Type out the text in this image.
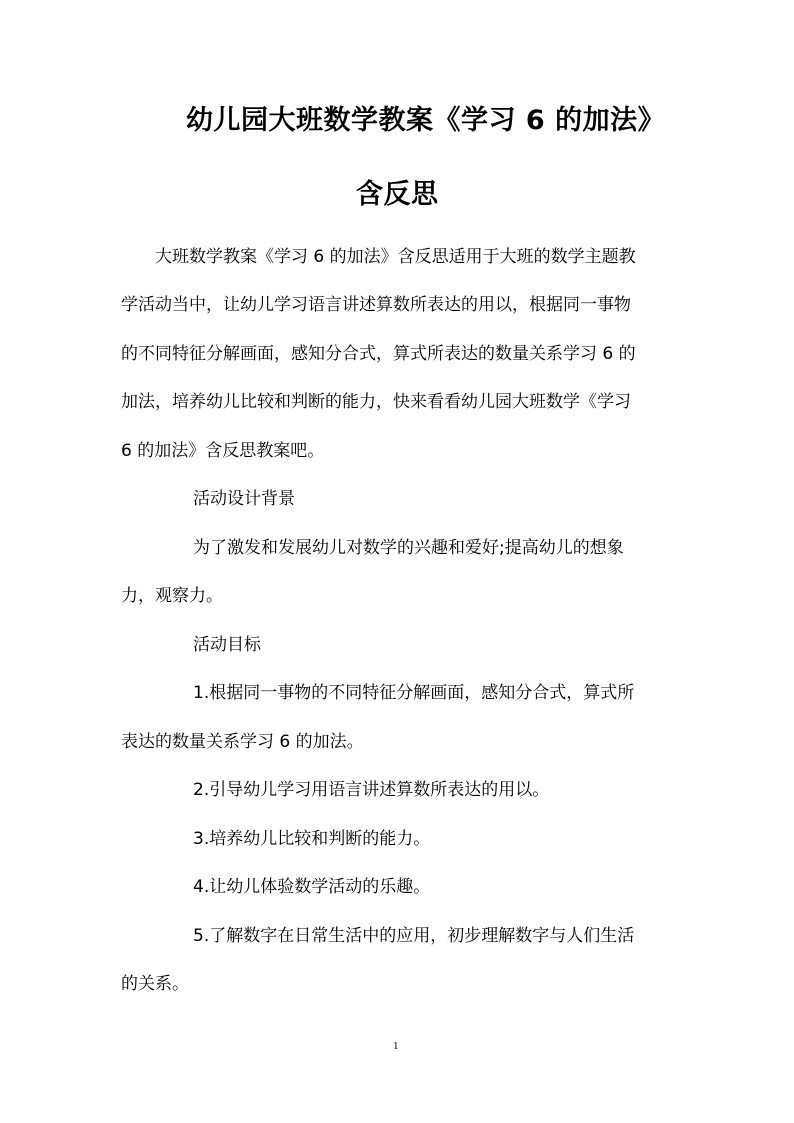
幼儿园大班数学教案《学习 6 的加法》
含反思
大班数学教案《学习 6 的加法》含反思适用于大班的数学主题教
学活动当中，让幼儿学习语言讲述算数所表达的用以，根据同一事物
的不同特征分解画面，感知分合式，算式所表达的数量关系学习 6 的
加法，培养幼儿比较和判断的能力，快来看看幼儿园大班数学《学习
6 的加法》含反思教案吧。
活动设计背景
为了激发和发展幼儿对数学的兴趣和爱好;提高幼儿的想象
力，观察力。
活动目标
1.根据同一事物的不同特征分解画面，感知分合式，算式所
表达的数量关系学习 6 的加法。
2.引导幼儿学习用语言讲述算数所表达的用以。
3.培养幼儿比较和判断的能力。
4.让幼儿体验数学活动的乐趣。
5.了解数字在日常生活中的应用，初步理解数字与人们生活
的关系。
1
